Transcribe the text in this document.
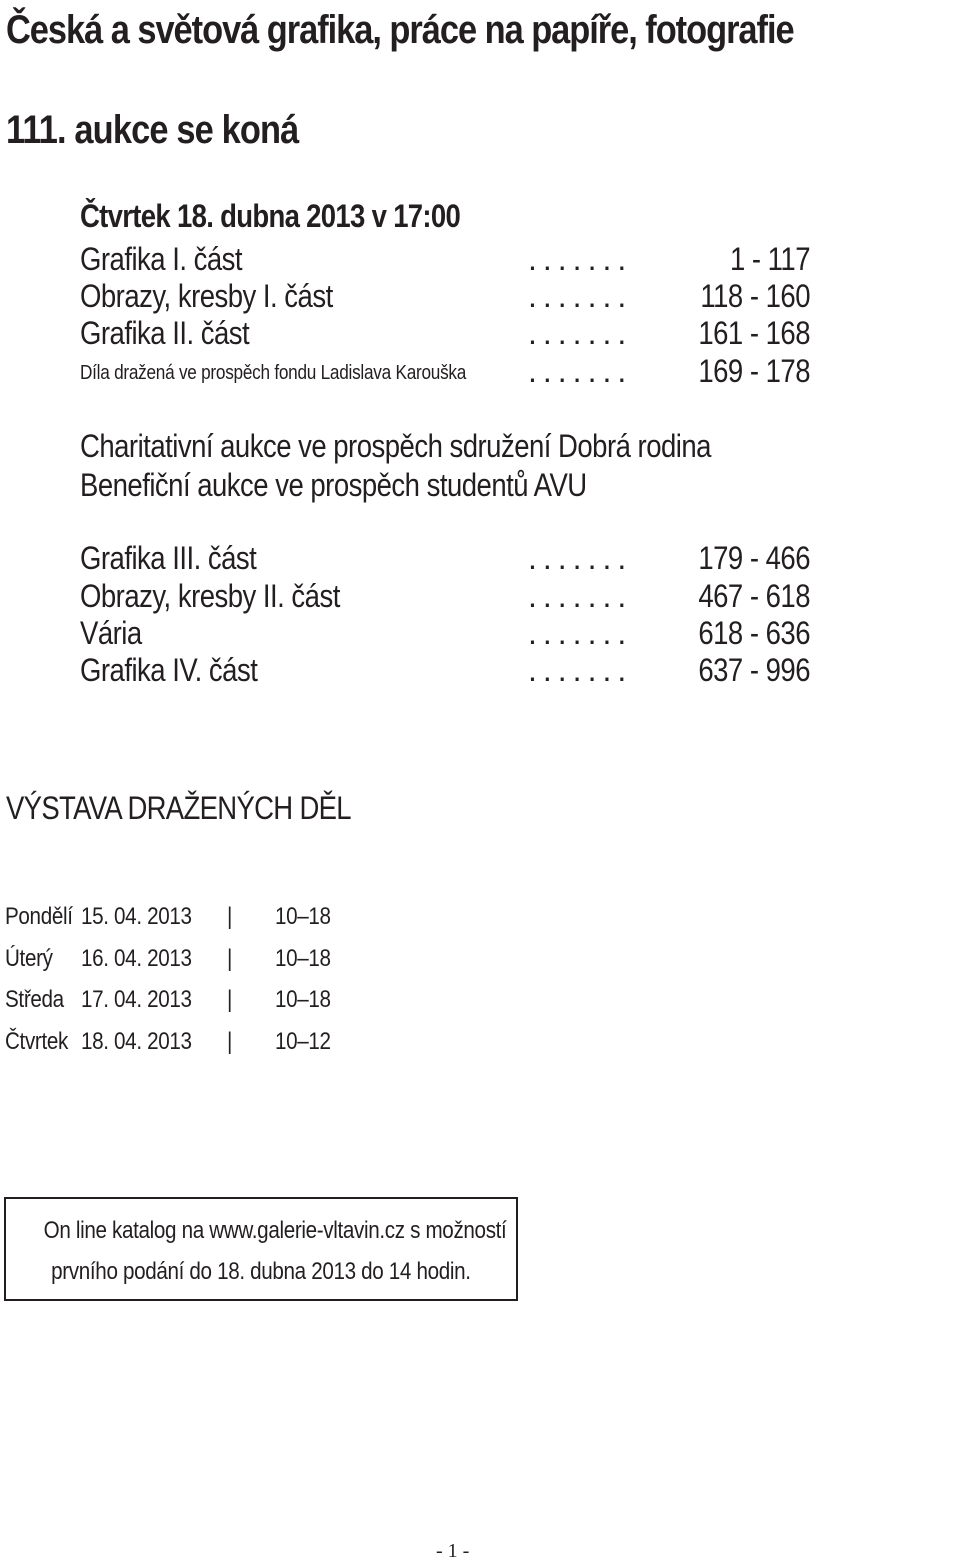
Česká a světová grafika, práce na papíře, fotografie
111. aukce se koná
Čtvrtek 18. dubna 2013 v 17:00
Grafika I. část	.......	1 - 117
Obrazy, kresby I. část	.......	118 - 160
Grafika II. část	.......	161 - 168
Díla dražená ve prospěch fondu Ladislava Karouška .......	169 - 178
Charitativní aukce ve prospěch sdružení Dobrá rodina
Benefiční aukce ve prospěch studentů AVU
Grafika III. část	.......	179 - 466
Obrazy, kresby II. část	.......	467 - 618
Vária	.......	618 - 636
Grafika IV. část	.......	637 - 996
VÝSTAVA DRAŽENÝCH DĚL
Pondělí 15. 04. 2013 | 10–18
Úterý 16. 04. 2013 | 10–18
Středa 17. 04. 2013 | 10–18
Čtvrtek 18. 04. 2013 | 10–12
On line katalog na www.galerie-vltavin.cz s možností
prvního podání do 18. dubna 2013 do 14 hodin.
- 1 -
